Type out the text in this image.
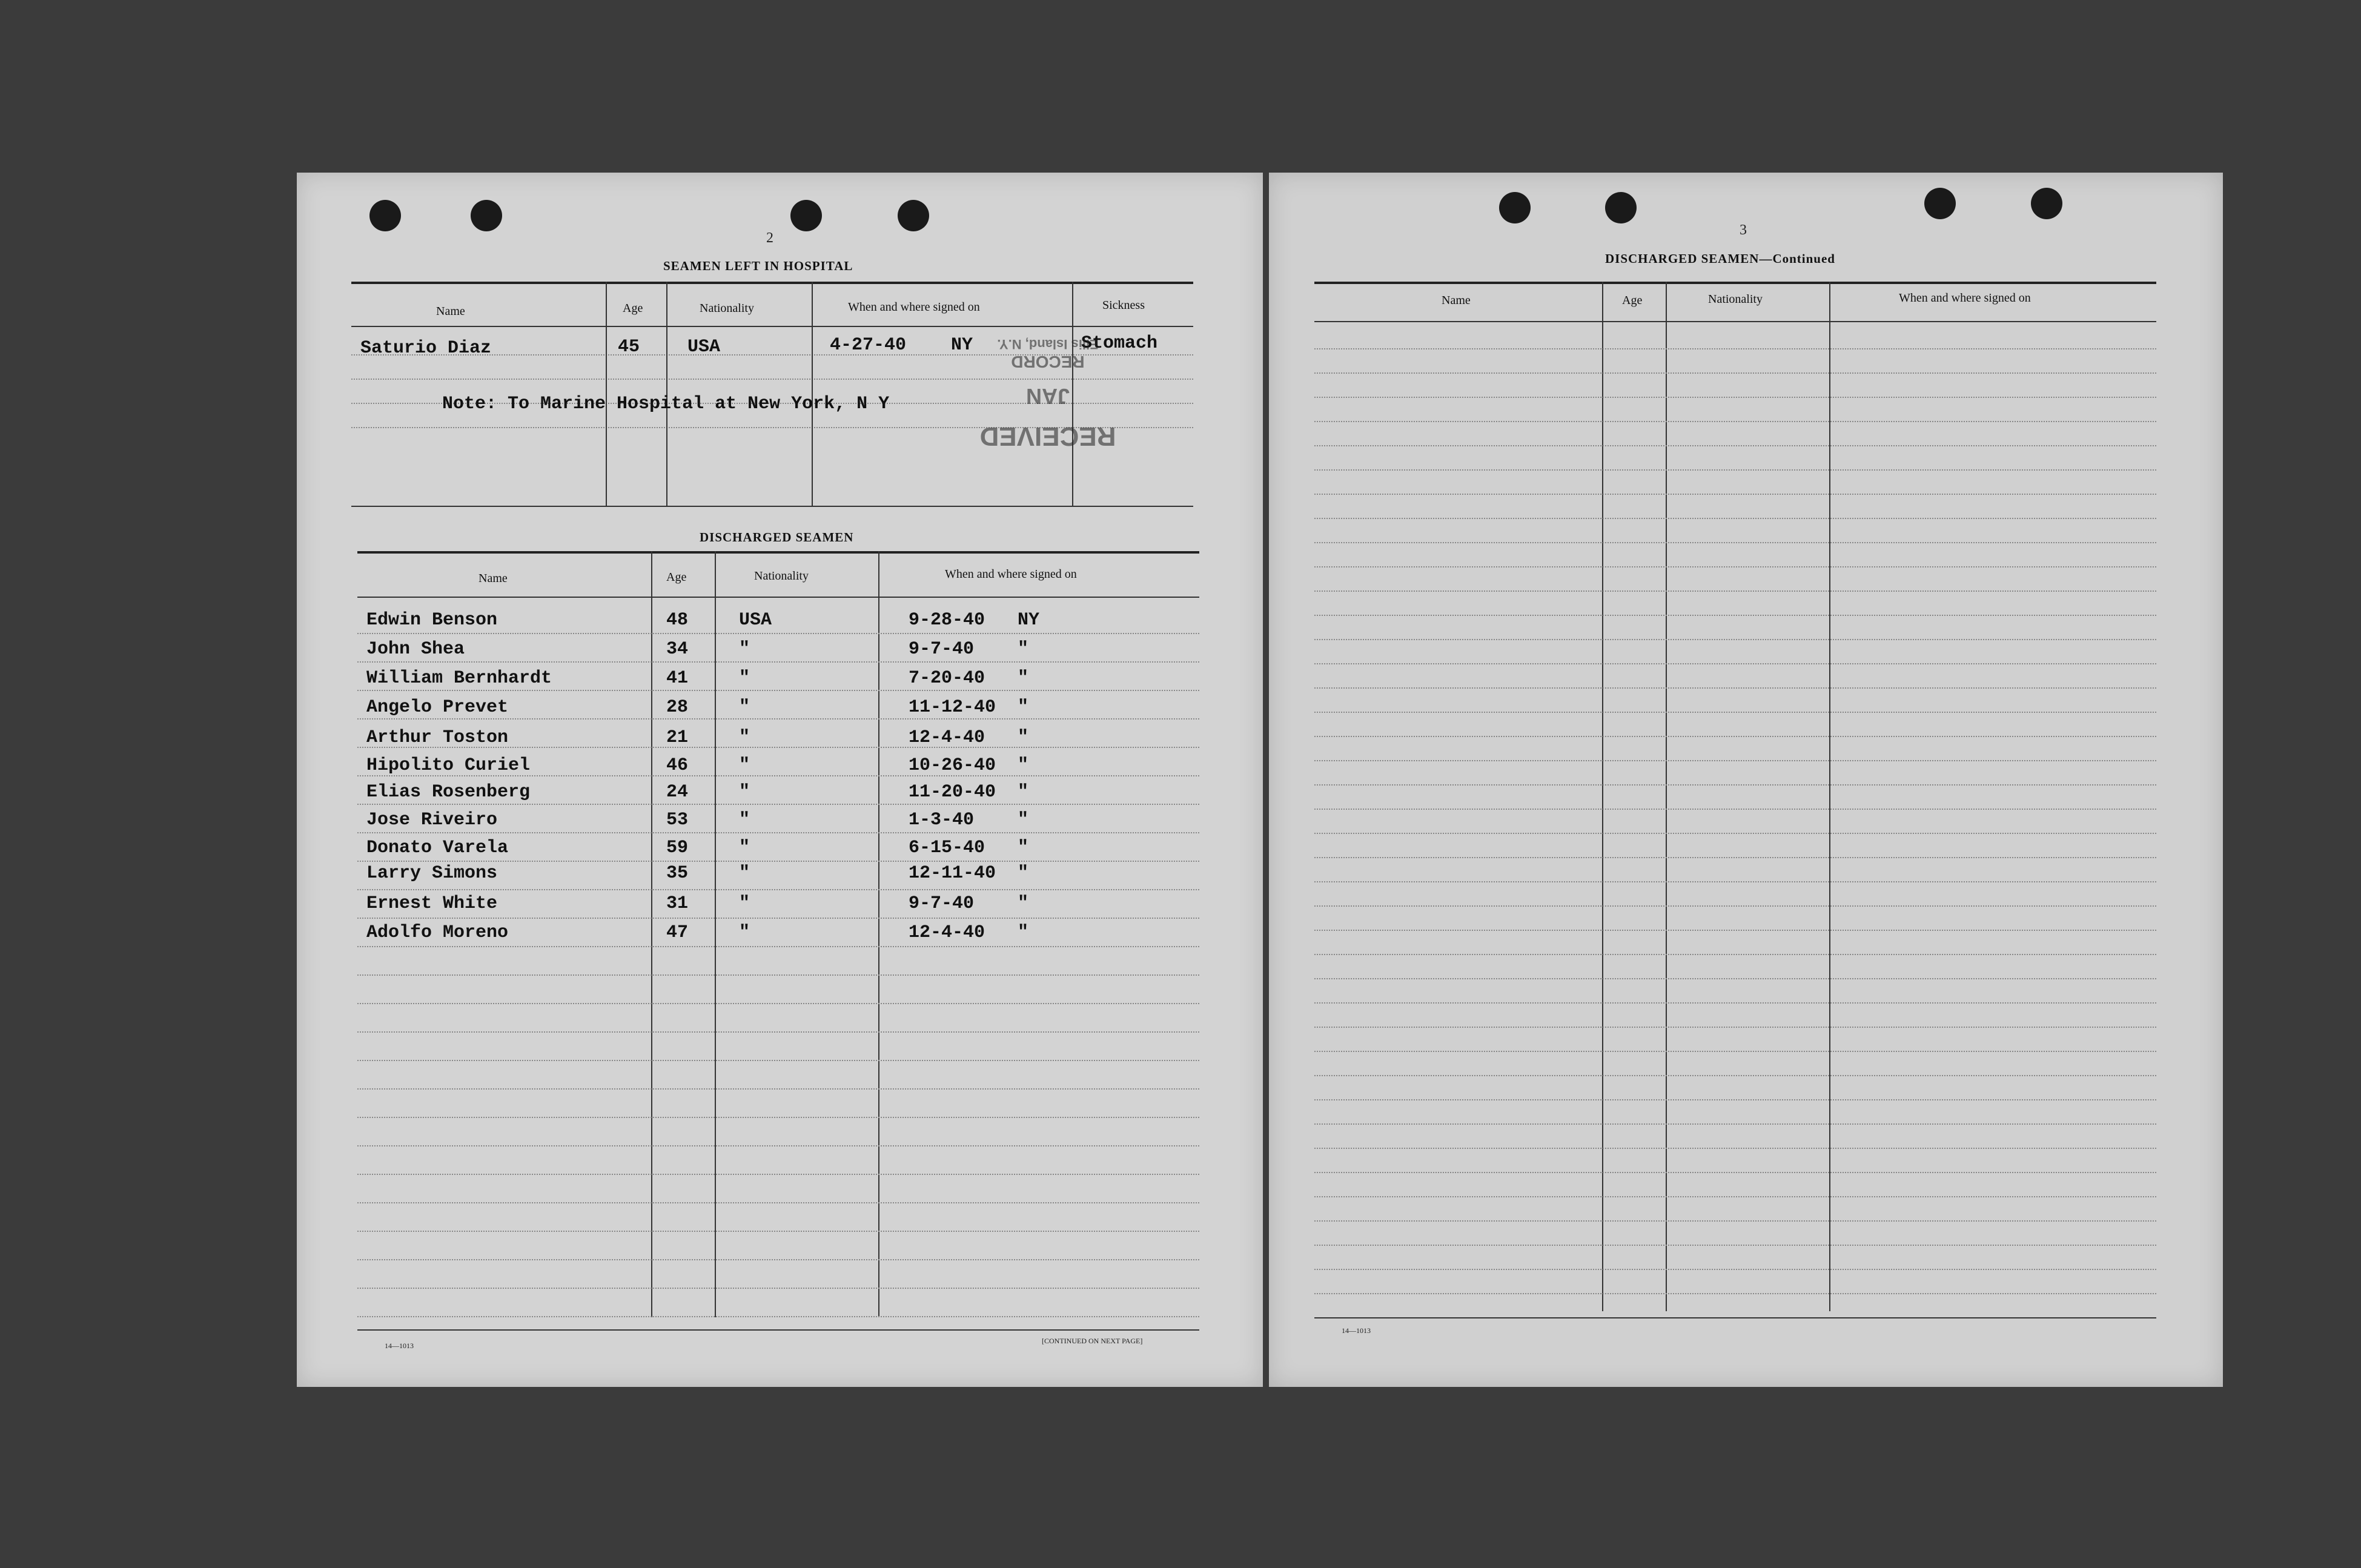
2
SEAMEN LEFT IN HOSPITAL
Name	Age	Nationality	When and where signed on	Sickness
Saturio Diaz	45	USA	4-27-40 NY	Stomach
Note: To Marine Hospital at New York, N Y
RECEIVED
JAN
RECORD
Ellis Island, N.Y.
DISCHARGED SEAMEN
Name	Age	Nationality	When and where signed on
Edwin Benson	48	USA	9-28-40 NY
John Shea	34	"	9-7-40 "
William Bernhardt	41	"	7-20-40 "
Angelo Prevet	28	"	11-12-40 "
Arthur Toston	21	"	12-4-40 "
Hipolito Curiel	46	"	10-26-40 "
Elias Rosenberg	24	"	11-20-40 "
Jose Riveiro	53	"	1-3-40 "
Donato Varela	59	"	6-15-40 "
Larry Simons	35	"	12-11-40 "
Ernest White	31	"	9-7-40 "
Adolfo Moreno	47	"	12-4-40 "
14—1013
[CONTINUED ON NEXT PAGE]
3
DISCHARGED SEAMEN—Continued
Name	Age	Nationality	When and where signed on
14—1013
